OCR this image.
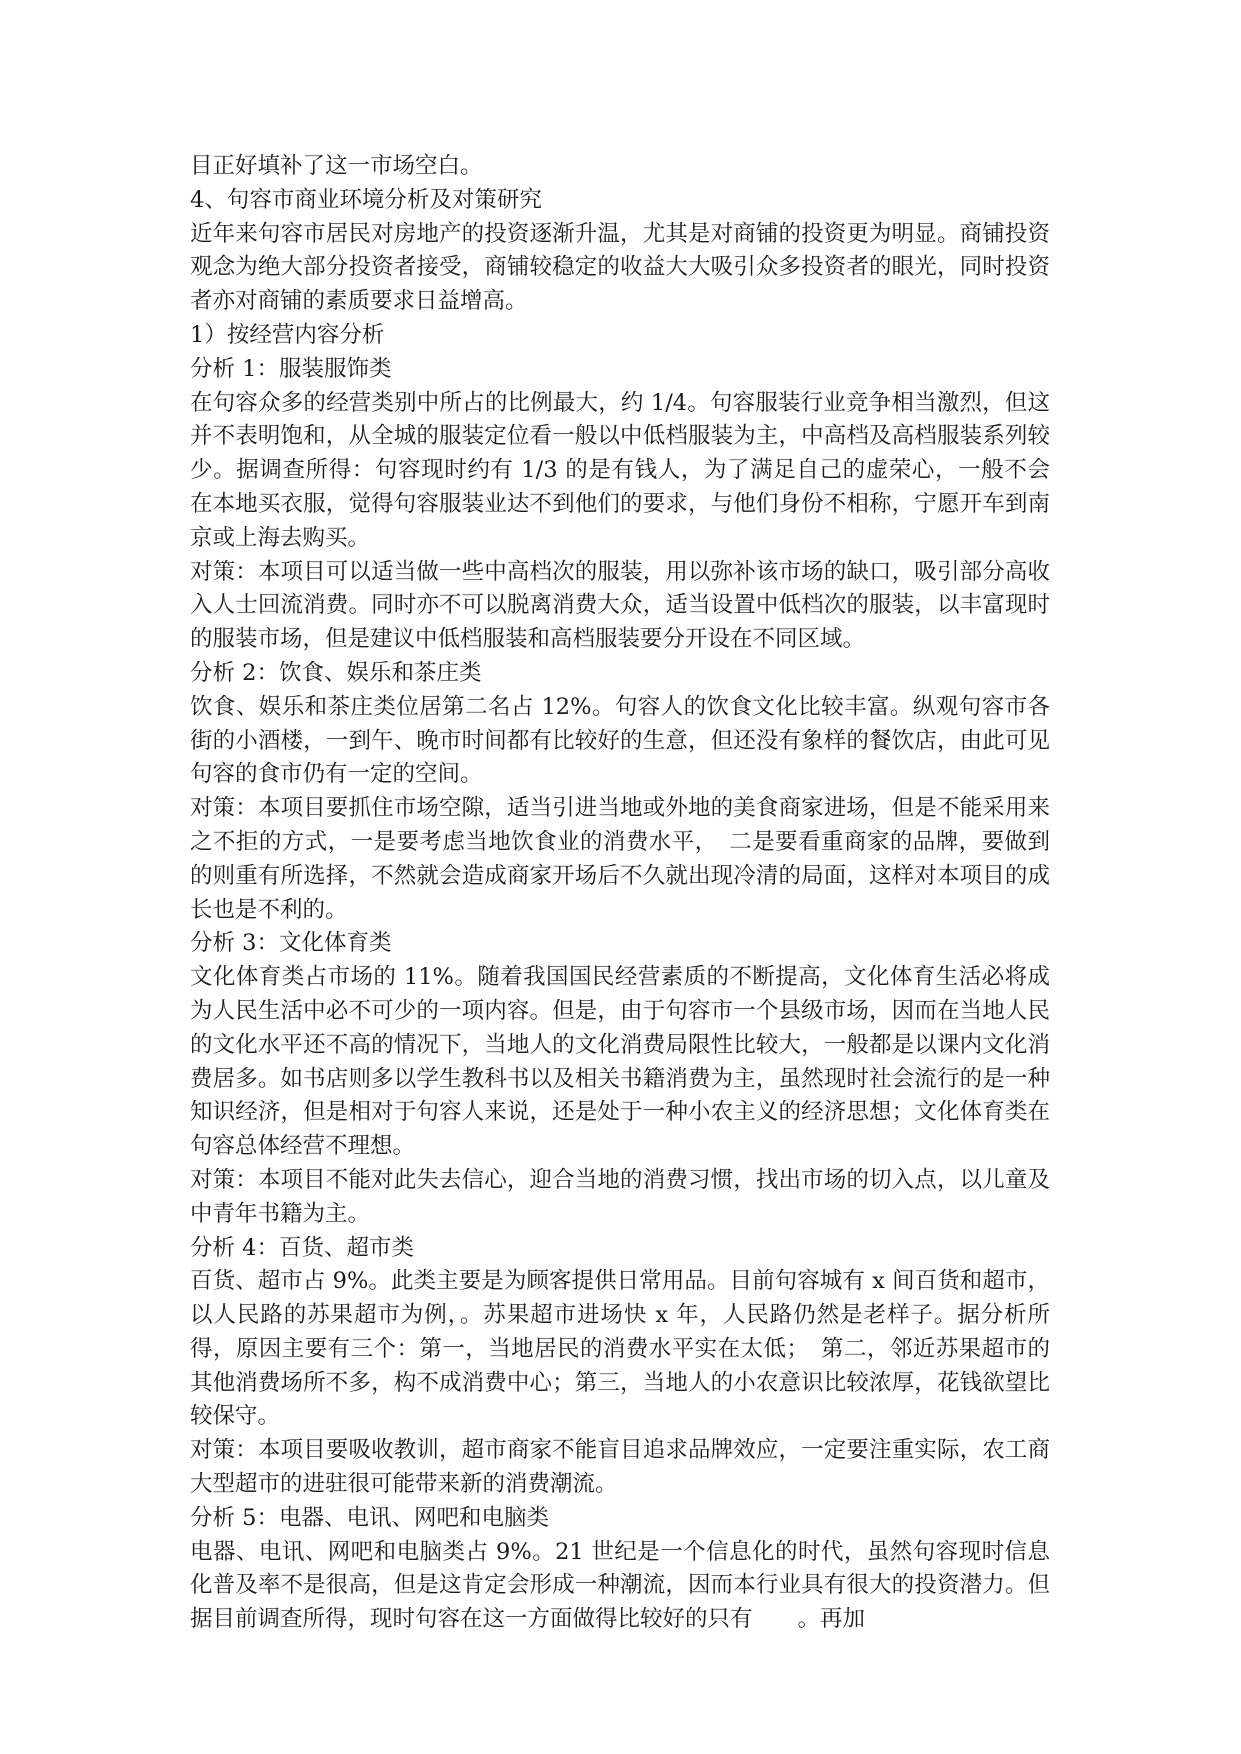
目正好填补了这一市场空白。

4、句容市商业环境分析及对策研究

近年来句容市居民对房地产的投资逐渐升温，尤其是对商铺的投资更为明显。商铺投资观念为绝大部分投资者接受，商铺较稳定的收益大大吸引众多投资者的眼光，同时投资者亦对商铺的素质要求日益增高。

1）按经营内容分析

分析 1：服装服饰类

在句容众多的经营类别中所占的比例最大，约 1/4。句容服装行业竞争相当激烈，但这并不表明饱和，从全城的服装定位看一般以中低档服装为主，中高档及高档服装系列较少。据调查所得：句容现时约有 1/3 的是有钱人，为了满足自己的虚荣心，一般不会在本地买衣服，觉得句容服装业达不到他们的要求，与他们身份不相称，宁愿开车到南京或上海去购买。

对策：本项目可以适当做一些中高档次的服装，用以弥补该市场的缺口，吸引部分高收入人士回流消费。同时亦不可以脱离消费大众，适当设置中低档次的服装，以丰富现时的服装市场，但是建议中低档服装和高档服装要分开设在不同区域。

分析 2：饮食、娱乐和茶庄类

饮食、娱乐和茶庄类位居第二名占 12%。句容人的饮食文化比较丰富。纵观句容市各街的小酒楼，一到午、晚市时间都有比较好的生意，但还没有象样的餐饮店，由此可见句容的食市仍有一定的空间。

对策：本项目要抓住市场空隙，适当引进当地或外地的美食商家进场，但是不能采用来之不拒的方式，一是要考虑当地饮食业的消费水平，　二是要看重商家的品牌，要做到的则重有所选择，不然就会造成商家开场后不久就出现冷清的局面，这样对本项目的成长也是不利的。

分析 3：文化体育类

文化体育类占市场的 11%。随着我国国民经营素质的不断提高，文化体育生活必将成为人民生活中必不可少的一项内容。但是，由于句容市一个县级市场，因而在当地人民的文化水平还不高的情况下，当地人的文化消费局限性比较大，一般都是以课内文化消费居多。如书店则多以学生教科书以及相关书籍消费为主，虽然现时社会流行的是一种知识经济，但是相对于句容人来说，还是处于一种小农主义的经济思想；文化体育类在句容总体经营不理想。

对策：本项目不能对此失去信心，迎合当地的消费习惯，找出市场的切入点，以儿童及中青年书籍为主。

分析 4：百货、超市类

百货、超市占 9%。此类主要是为顾客提供日常用品。目前句容城有 x 间百货和超市，以人民路的苏果超市为例，。苏果超市进场快 x 年，人民路仍然是老样子。据分析所得，原因主要有三个：第一，当地居民的消费水平实在太低；　第二，邻近苏果超市的其他消费场所不多，构不成消费中心；第三，当地人的小农意识比较浓厚，花钱欲望比较保守。

对策：本项目要吸收教训，超市商家不能盲目追求品牌效应，一定要注重实际，农工商大型超市的进驻很可能带来新的消费潮流。

分析 5：电器、电讯、网吧和电脑类

电器、电讯、网吧和电脑类占 9%。21 世纪是一个信息化的时代，虽然句容现时信息化普及率不是很高，但是这肯定会形成一种潮流，因而本行业具有很大的投资潜力。但据目前调查所得，现时句容在这一方面做得比较好的只有　　。再加
